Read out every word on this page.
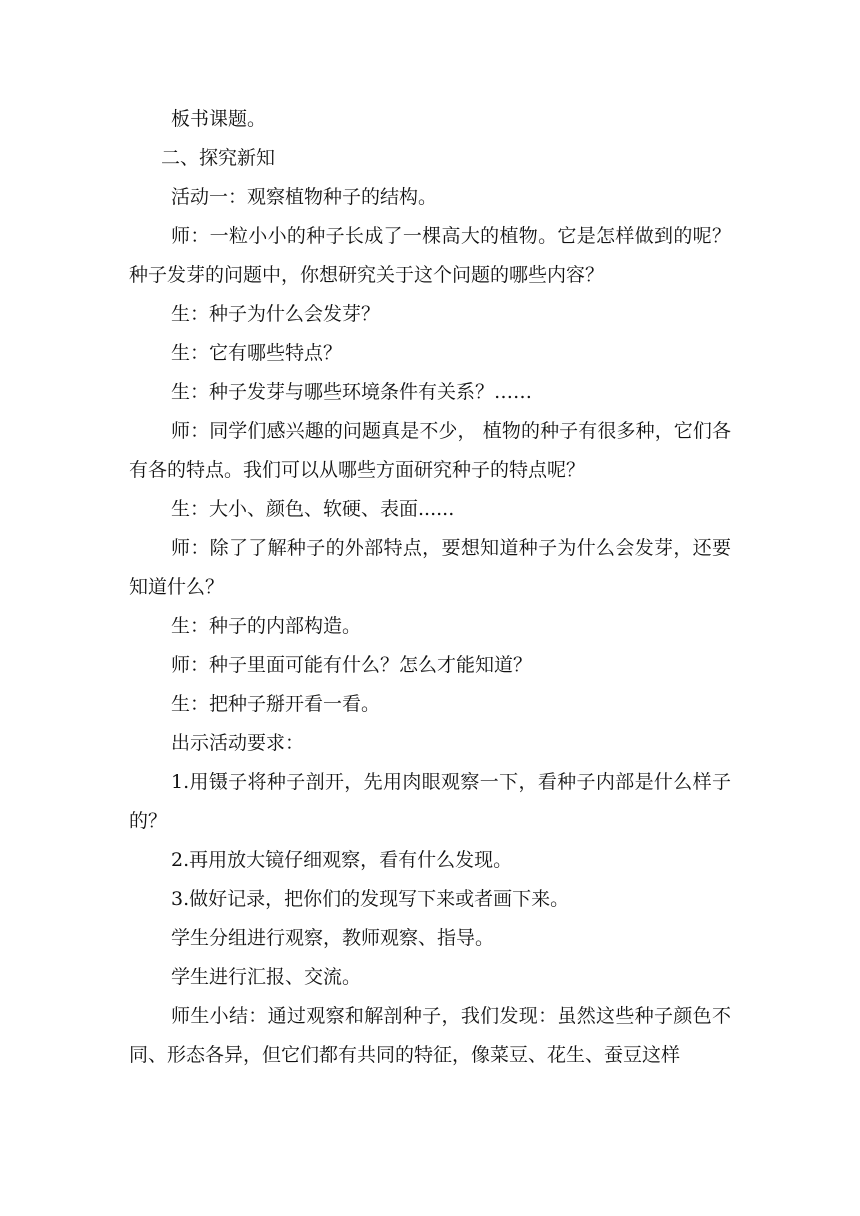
板书课题。

二、探究新知

活动一：观察植物种子的结构。

师：一粒小小的种子长成了一棵高大的植物。它是怎样做到的呢？种子发芽的问题中，你想研究关于这个问题的哪些内容？

生：种子为什么会发芽？

生：它有哪些特点？

生：种子发芽与哪些环境条件有关系？……

师：同学们感兴趣的问题真是不少， 植物的种子有很多种，它们各有各的特点。我们可以从哪些方面研究种子的特点呢？

生：大小、颜色、软硬、表面......

师：除了了解种子的外部特点，要想知道种子为什么会发芽，还要知道什么？

生：种子的内部构造。

师：种子里面可能有什么？怎么才能知道？

生：把种子掰开看一看。

出示活动要求：

1.用镊子将种子剖开，先用肉眼观察一下，看种子内部是什么样子的？

2.再用放大镜仔细观察，看有什么发现。

3.做好记录，把你们的发现写下来或者画下来。

学生分组进行观察，教师观察、指导。

学生进行汇报、交流。

师生小结：通过观察和解剖种子，我们发现：虽然这些种子颜色不同、形态各异，但它们都有共同的特征，像菜豆、花生、蚕豆这样
